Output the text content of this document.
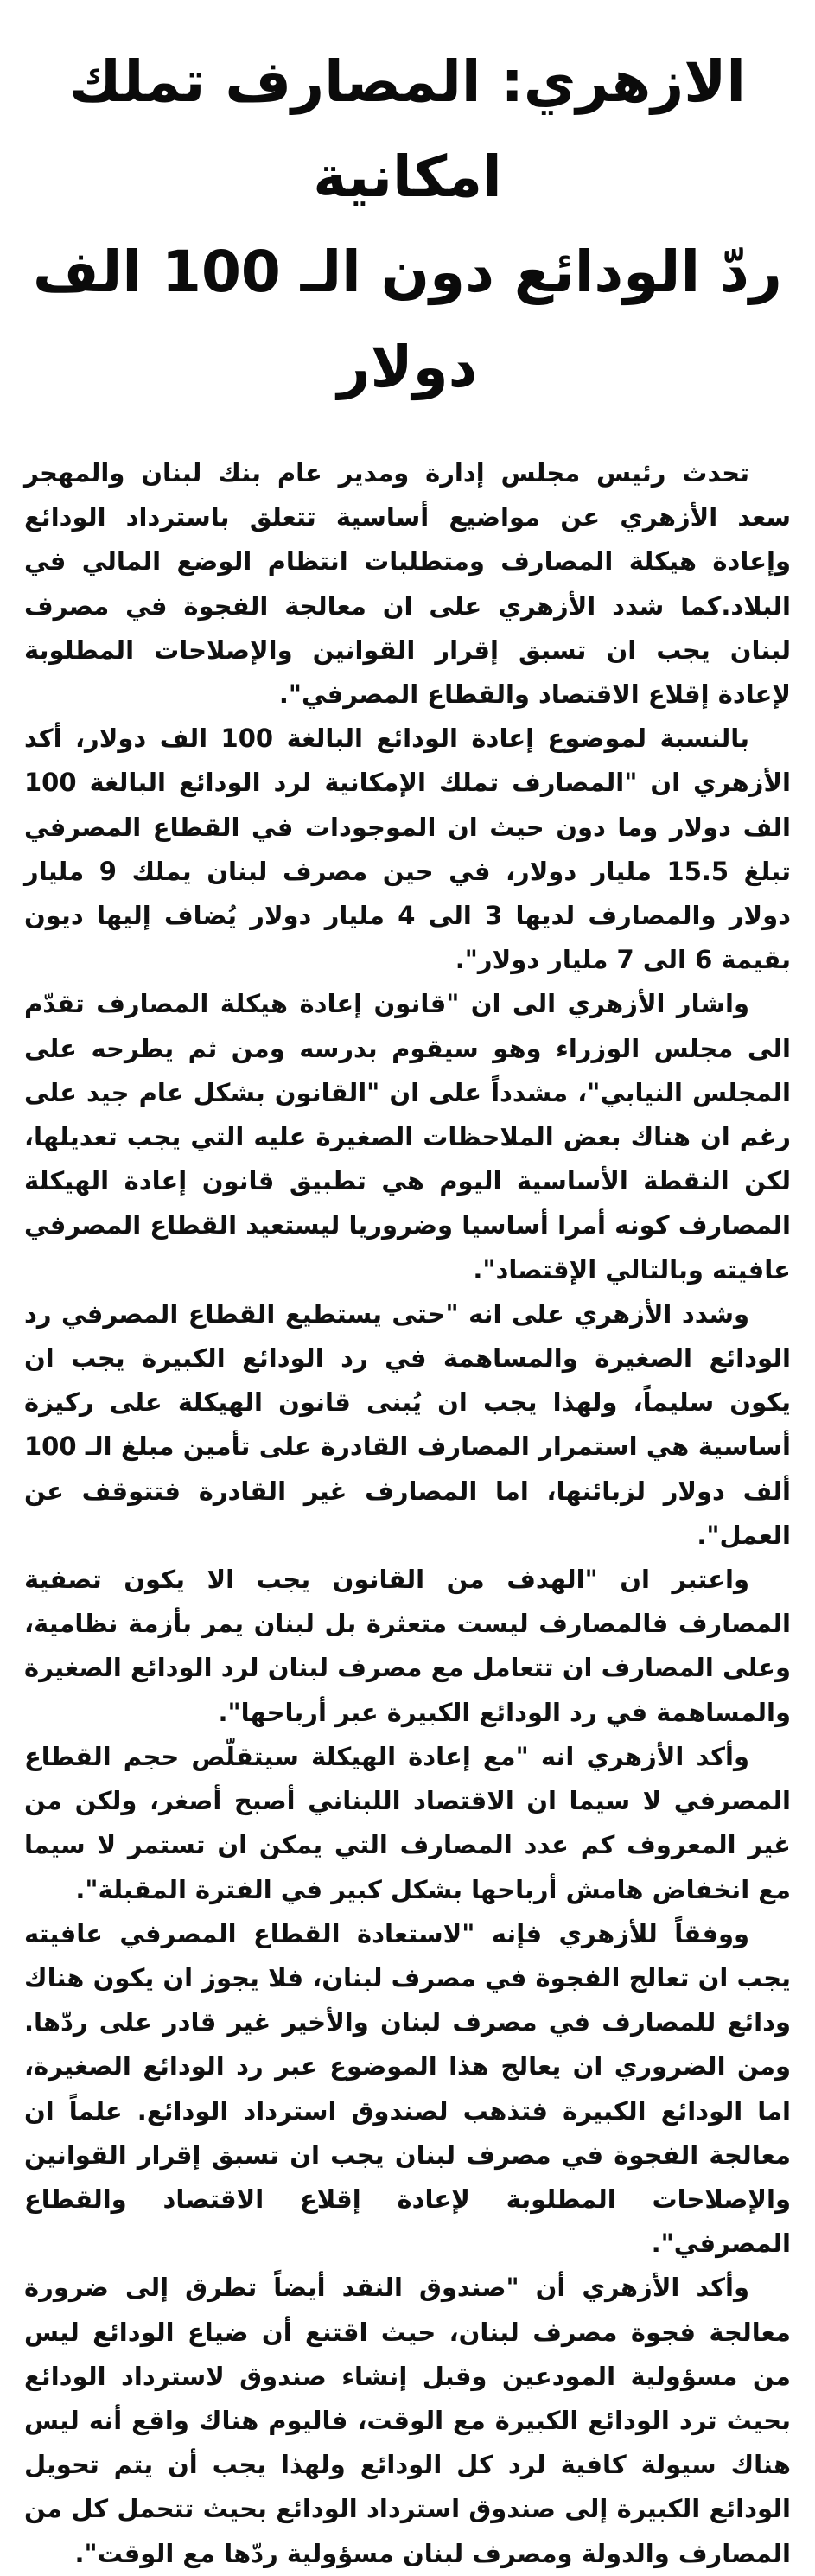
الازهري: المصارف تملك امكانية
ردّ الودائع دون الـ 100 الف دولار

تحدث رئيس مجلس إدارة ومدير عام بنك لبنان والمهجر سعد الأزهري عن مواضيع أساسية تتعلق باسترداد الودائع وإعادة هيكلة المصارف ومتطلبات انتظام الوضع المالي في البلاد.كما شدد الأزهري على ان معالجة الفجوة في مصرف لبنان يجب ان تسبق إقرار القوانين والإصلاحات المطلوبة لإعادة إقلاع الاقتصاد والقطاع المصرفي".

بالنسبة لموضوع إعادة الودائع البالغة 100 الف دولار، أكد الأزهري ان "المصارف تملك الإمكانية لرد الودائع البالغة 100 الف دولار وما دون حيث ان الموجودات في القطاع المصرفي تبلغ 15.5 مليار دولار، في حين مصرف لبنان يملك 9 مليار دولار والمصارف لديها 3 الى 4 مليار دولار يُضاف إليها ديون بقيمة 6 الى 7 مليار دولار".

واشار الأزهري الى ان "قانون إعادة هيكلة المصارف تقدّم الى مجلس الوزراء وهو سيقوم بدرسه ومن ثم يطرحه على المجلس النيابي"، مشدداً على ان "القانون بشكل عام جيد على رغم ان هناك بعض الملاحظات الصغيرة عليه التي يجب تعديلها، لكن النقطة الأساسية اليوم هي تطبيق قانون إعادة الهيكلة المصارف كونه أمرا أساسيا وضروريا ليستعيد القطاع المصرفي عافيته وبالتالي الإقتصاد".

وشدد الأزهري على انه "حتى يستطيع القطاع المصرفي رد الودائع الصغيرة والمساهمة في رد الودائع الكبيرة يجب ان يكون سليماً، ولهذا يجب ان يُبنى قانون الهيكلة على ركيزة أساسية هي استمرار المصارف القادرة على تأمين مبلغ الـ 100 ألف دولار لزبائنها، اما المصارف غير القادرة فتتوقف عن العمل".

واعتبر ان "الهدف من القانون يجب الا يكون تصفية المصارف فالمصارف ليست متعثرة بل لبنان يمر بأزمة نظامية، وعلى المصارف ان تتعامل مع مصرف لبنان لرد الودائع الصغيرة والمساهمة في رد الودائع الكبيرة عبر أرباحها".

وأكد الأزهري انه "مع إعادة الهيكلة سيتقلّص حجم القطاع المصرفي لا سيما ان الاقتصاد اللبناني أصبح أصغر، ولكن من غير المعروف كم عدد المصارف التي يمكن ان تستمر لا سيما مع انخفاض هامش أرباحها بشكل كبير في الفترة المقبلة".

ووفقاً للأزهري فإنه "لاستعادة القطاع المصرفي عافيته يجب ان تعالج الفجوة في مصرف لبنان، فلا يجوز ان يكون هناك ودائع للمصارف في مصرف لبنان والأخير غير قادر على ردّها. ومن الضروري ان يعالج هذا الموضوع عبر رد الودائع الصغيرة، اما الودائع الكبيرة فتذهب لصندوق استرداد الودائع. علماً ان معالجة الفجوة في مصرف لبنان يجب ان تسبق إقرار القوانين والإصلاحات المطلوبة لإعادة إقلاع الاقتصاد والقطاع المصرفي".

وأكد الأزهري أن "صندوق النقد أيضاً تطرق إلى ضرورة معالجة فجوة مصرف لبنان، حيث اقتنع أن ضياع الودائع ليس من مسؤولية المودعين وقبل إنشاء صندوق لاسترداد الودائع بحيث ترد الودائع الكبيرة مع الوقت، فاليوم هناك واقع أنه ليس هناك سيولة كافية لرد كل الودائع ولهذا يجب أن يتم تحويل الودائع الكبيرة إلى صندوق استرداد الودائع بحيث تتحمل كل من المصارف والدولة ومصرف لبنان مسؤولية ردّها مع الوقت".
